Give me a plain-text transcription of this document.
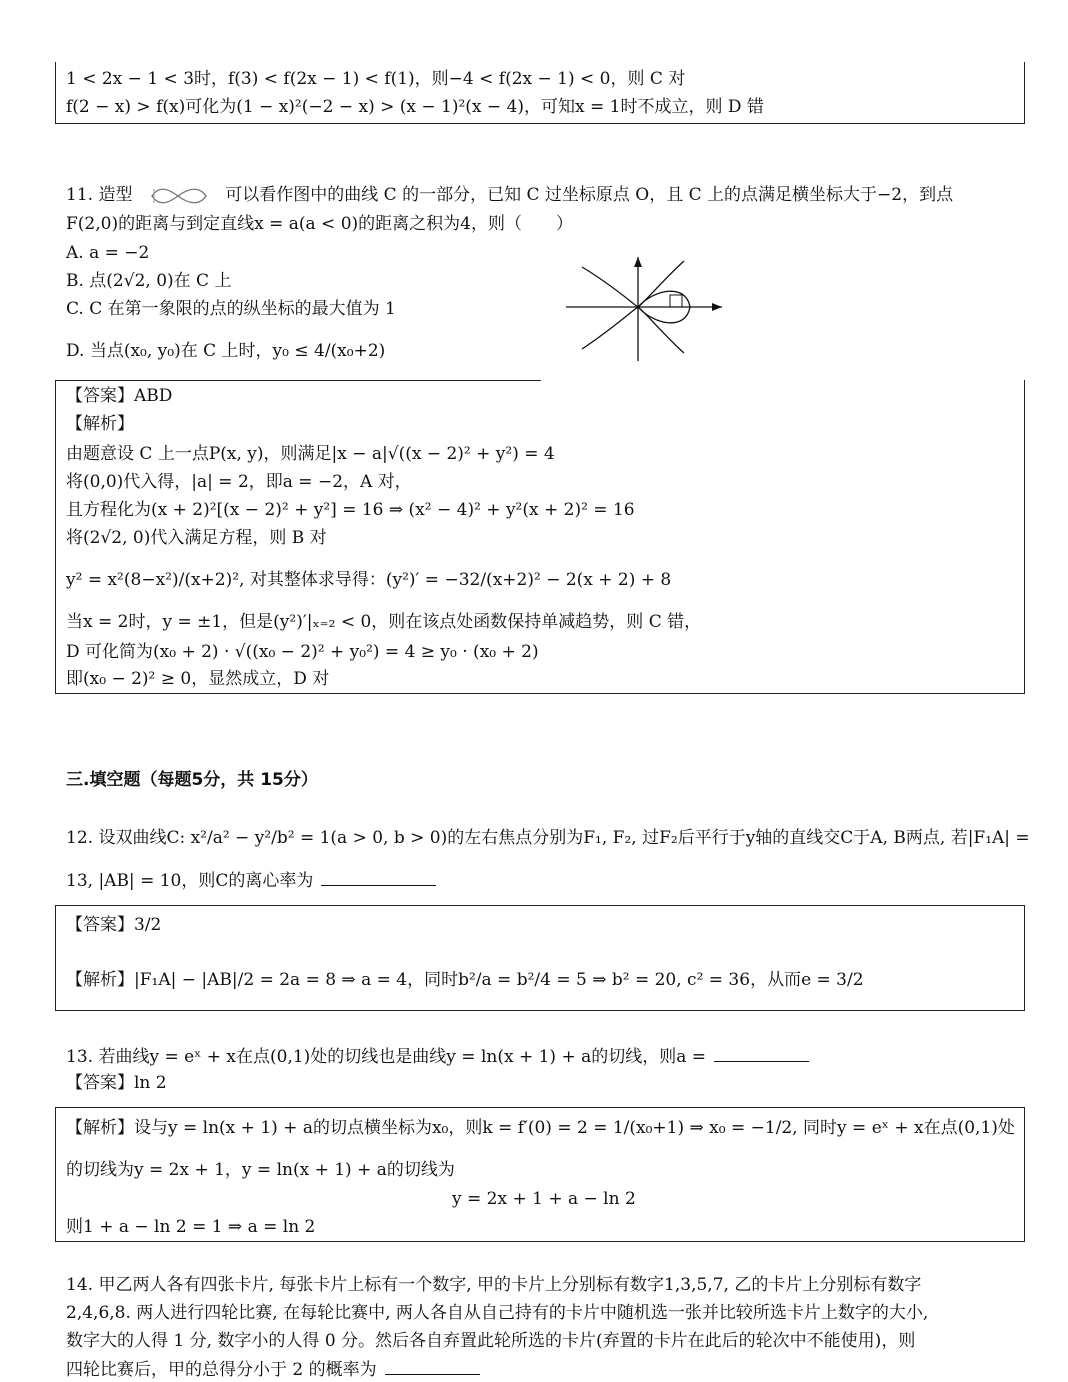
1 < 2x − 1 < 3时，f(3) < f(2x − 1) < f(1)，则−4 < f(2x − 1) < 0，则 C 对
f(2 − x) > f(x)可化为(1 − x)²(−2 − x) > (x − 1)²(x − 4)，可知x = 1时不成立，则 D 错
11. 造型	可以看作图中的曲线 C 的一部分，已知 C 过坐标原点 O，且 C 上的点满足横坐标大于−2，到点
F(2,0)的距离与到定直线x = a(a < 0)的距离之积为4，则（　　）
A. a = −2
B. 点(2√2, 0)在 C 上
C. C 在第一象限的点的纵坐标的最大值为 1
D. 当点(x₀, y₀)在 C 上时，y₀ ≤ 4/(x₀+2)
【答案】ABD
【解析】
由题意设 C 上一点P(x, y)，则满足|x − a|√((x − 2)² + y²) = 4
将(0,0)代入得，|a| = 2，即a = −2，A 对，
且方程化为(x + 2)²[(x − 2)² + y²] = 16 ⇒ (x² − 4)² + y²(x + 2)² = 16
将(2√2, 0)代入满足方程，则 B 对
y² = x²(8−x²)/(x+2)², 对其整体求导得：(y²)′ = −32/(x+2)² − 2(x + 2) + 8
当x = 2时，y = ±1，但是(y²)′|ₓ₌₂ < 0，则在该点处函数保持单减趋势，则 C 错，
D 可化简为(x₀ + 2) · √((x₀ − 2)² + y₀²) = 4 ≥ y₀ · (x₀ + 2)
即(x₀ − 2)² ≥ 0，显然成立，D 对
三.填空题（每题5分，共 15分）
12. 设双曲线C: x²/a² − y²/b² = 1(a > 0, b > 0)的左右焦点分别为F₁, F₂, 过F₂后平行于y轴的直线交C于A, B两点, 若|F₁A| =
13, |AB| = 10，则C的离心率为
【答案】3/2
【解析】|F₁A| − |AB|/2 = 2a = 8 ⇒ a = 4，同时b²/a = b²/4 = 5 ⇒ b² = 20, c² = 36，从而e = 3/2
13. 若曲线y = eˣ + x在点(0,1)处的切线也是曲线y = ln(x + 1) + a的切线，则a =
【答案】ln 2
【解析】设与y = ln(x + 1) + a的切点横坐标为x₀，则k = f′(0) = 2 = 1/(x₀+1) ⇒ x₀ = −1/2, 同时y = eˣ + x在点(0,1)处
的切线为y = 2x + 1，y = ln(x + 1) + a的切线为
y = 2x + 1 + a − ln 2
则1 + a − ln 2 = 1 ⇒ a = ln 2
14. 甲乙两人各有四张卡片, 每张卡片上标有一个数字, 甲的卡片上分别标有数字1,3,5,7, 乙的卡片上分别标有数字
2,4,6,8. 两人进行四轮比赛, 在每轮比赛中, 两人各自从自己持有的卡片中随机选一张并比较所选卡片上数字的大小,
数字大的人得 1 分, 数字小的人得 0 分。然后各自弃置此轮所选的卡片(弃置的卡片在此后的轮次中不能使用)，则
四轮比赛后，甲的总得分小于 2 的概率为
